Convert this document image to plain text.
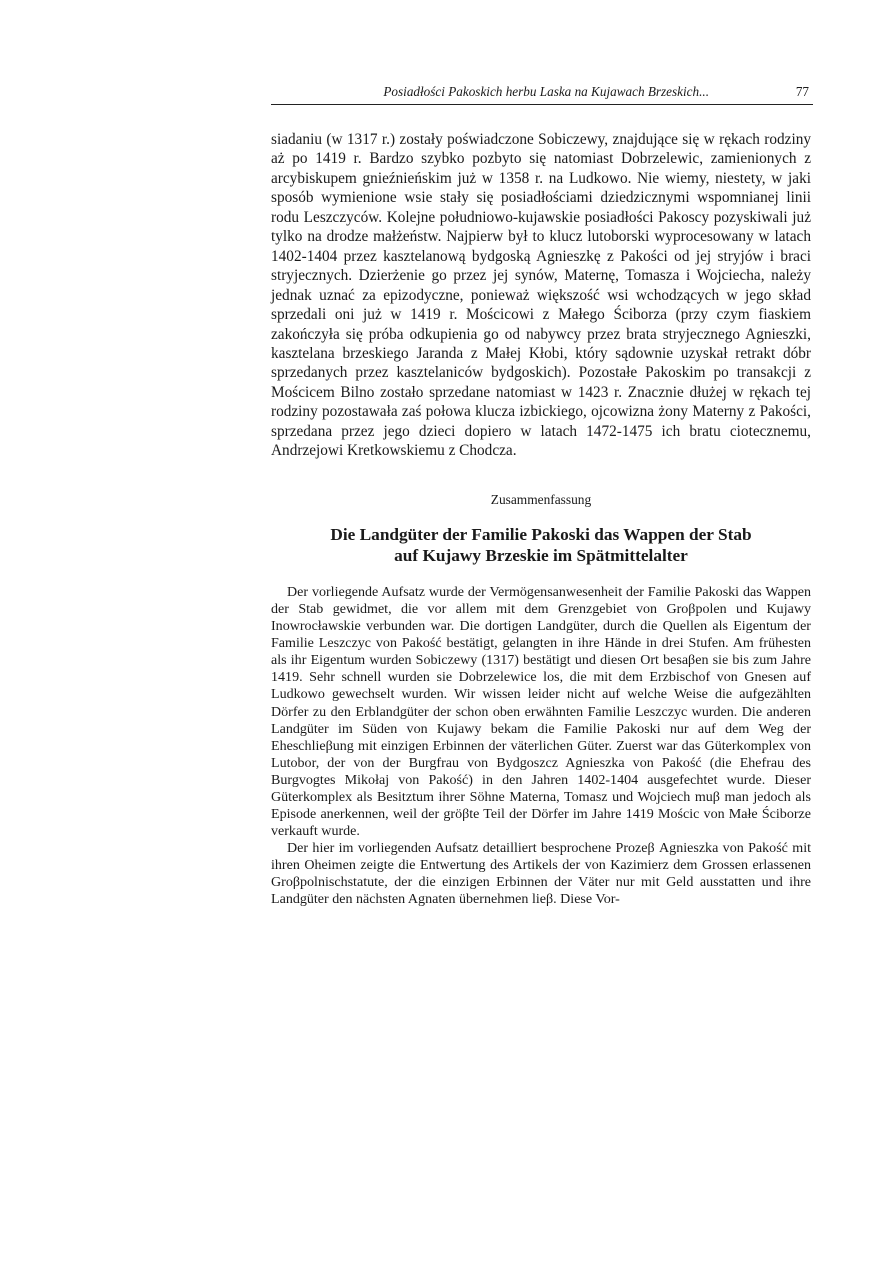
Posiadłości Pakoskich herbu Laska na Kujawach Brzeskich...	77

siadaniu (w 1317 r.) zostały poświadczone Sobiczewy, znajdujące się w rękach rodziny aż po 1419 r. Bardzo szybko pozbyto się natomiast Dobrzelewic, zamienionych z arcybiskupem gnieźnieńskim już w 1358 r. na Ludkowo. Nie wiemy, niestety, w jaki sposób wymienione wsie stały się posiadłościami dziedzicznymi wspomnianej linii rodu Leszczyców. Kolejne południowo-kujawskie posiadłości Pakoscy pozyskiwali już tylko na drodze małżeństw. Najpierw był to klucz lutoborski wyprocesowany w latach 1402-1404 przez kasztelanową bydgoską Agnieszkę z Pakości od jej stryjów i braci stryjecznych. Dzierżenie go przez jej synów, Maternę, Tomasza i Wojciecha, należy jednak uznać za epizodyczne, ponieważ większość wsi wchodzących w jego skład sprzedali oni już w 1419 r. Mościcowi z Małego Ściborza (przy czym fiaskiem zakończyła się próba odkupienia go od nabywcy przez brata stryjecznego Agnieszki, kasztelana brzeskiego Jaranda z Małej Kłobi, który sądownie uzyskał retrakt dóbr sprzedanych przez kasztelaniców bydgoskich). Pozostałe Pakoskim po transakcji z Mościcem Bilno zostało sprzedane natomiast w 1423 r. Znacznie dłużej w rękach tej rodziny pozostawała zaś połowa klucza izbickiego, ojcowizna żony Materny z Pakości, sprzedana przez jego dzieci dopiero w latach 1472-1475 ich bratu ciotecznemu, Andrzejowi Kretkowskiemu z Chodcza.

Zusammenfassung
Die Landgüter der Familie Pakoski das Wappen der Stab
auf Kujawy Brzeskie im Spätmittelalter

Der vorliegende Aufsatz wurde der Vermögensanwesenheit der Familie Pakoski das Wappen der Stab gewidmet, die vor allem mit dem Grenzgebiet von Groβpolen und Kujawy Inowrocławskie verbunden war. Die dortigen Landgüter, durch die Quellen als Eigentum der Familie Leszczyc von Pakość bestätigt, gelangten in ihre Hände in drei Stufen. Am frühesten als ihr Eigentum wurden Sobiczewy (1317) bestätigt und diesen Ort besaβen sie bis zum Jahre 1419. Sehr schnell wurden sie Dobrzelewice los, die mit dem Erzbischof von Gnesen auf Ludkowo gewechselt wurden. Wir wissen leider nicht auf welche Weise die aufgezählten Dörfer zu den Erblandgüter der schon oben erwähnten Familie Leszczyc wurden. Die anderen Landgüter im Süden von Kujawy bekam die Familie Pakoski nur auf dem Weg der Eheschlieβung mit einzigen Erbinnen der väterlichen Güter. Zuerst war das Güterkomplex von Lutobor, der von der Burgfrau von Bydgoszcz Agnieszka von Pakość (die Ehefrau des Burgvogtes Mikołaj von Pakość) in den Jahren 1402-1404 ausgefechtet wurde. Dieser Güterkomplex als Besitztum ihrer Söhne Materna, Tomasz und Wojciech muβ man jedoch als Episode anerkennen, weil der gröβte Teil der Dörfer im Jahre 1419 Mościc von Małe Ściborze verkauft wurde.

Der hier im vorliegenden Aufsatz detailliert besprochene Prozeβ Agnieszka von Pakość mit ihren Oheimen zeigte die Entwertung des Artikels der von Kazimierz dem Grossen erlassenen Groβpolnischstatute, der die einzigen Erbinnen der Väter nur mit Geld ausstatten und ihre Landgüter den nächsten Agnaten übernehmen lieβ. Diese Vor-
